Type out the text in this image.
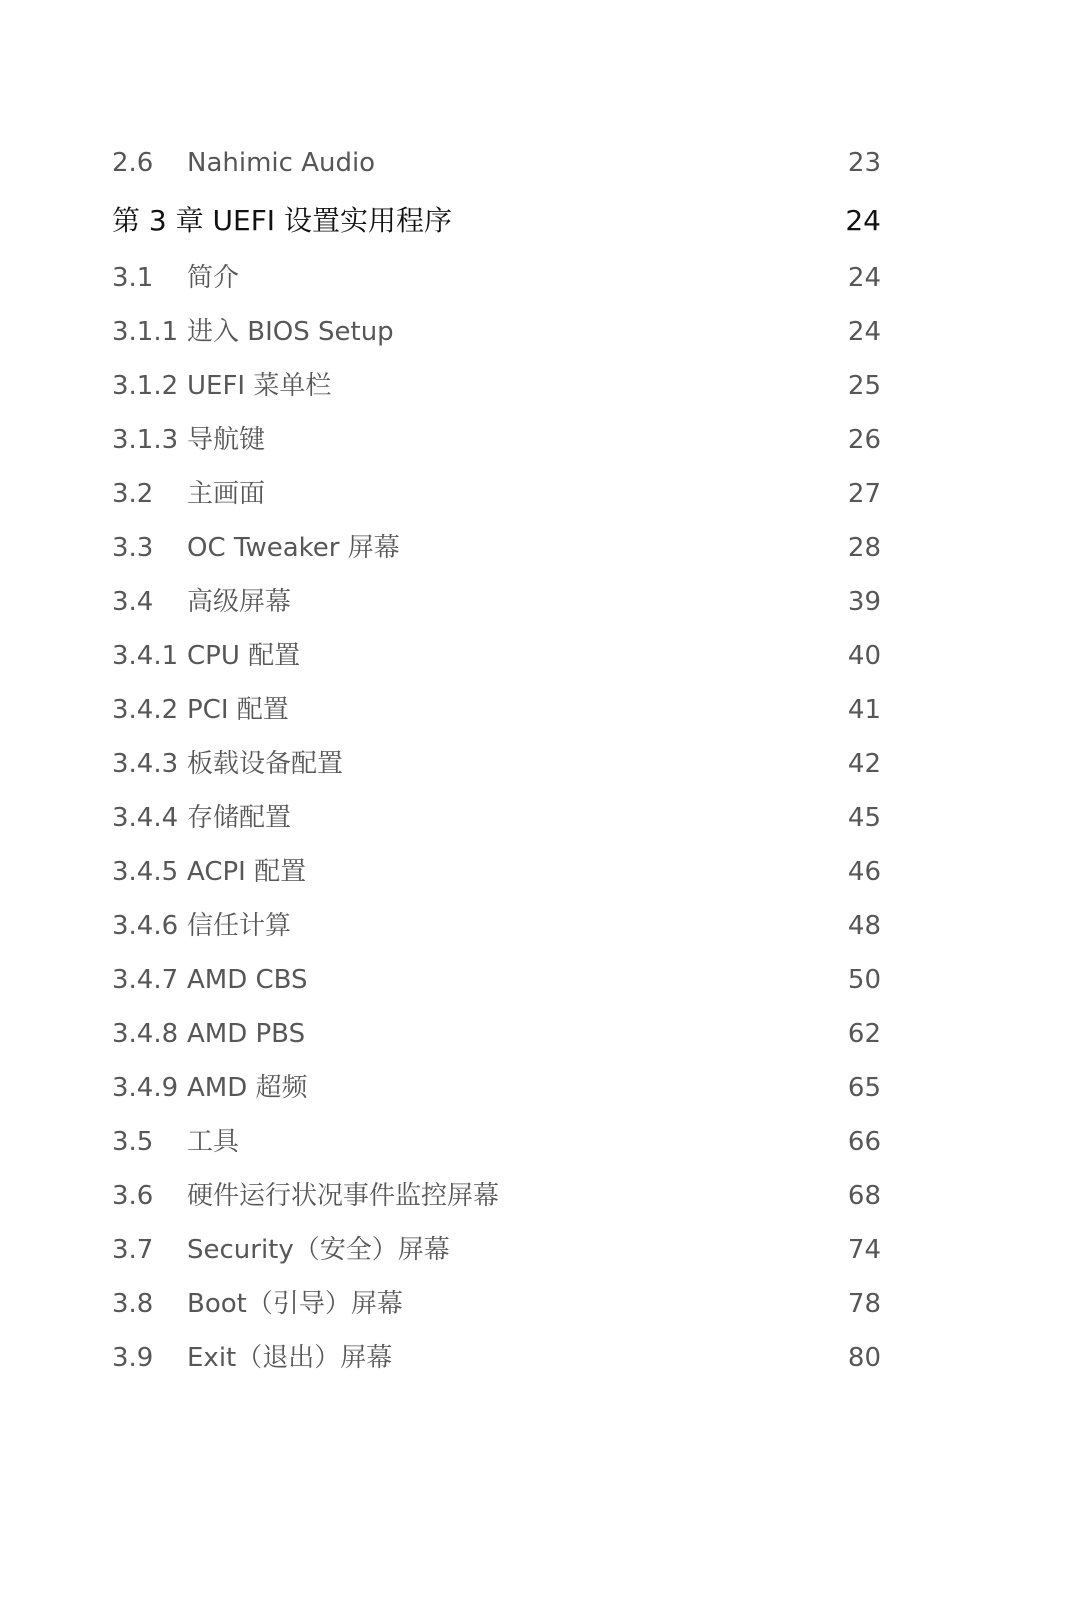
2.6 Nahimic Audio	23
第 3 章 UEFI 设置实用程序	24
3.1 简介	24
3.1.1 进入 BIOS Setup	24
3.1.2 UEFI 菜单栏	25
3.1.3 导航键	26
3.2 主画面	27
3.3 OC Tweaker 屏幕	28
3.4 高级屏幕	39
3.4.1 CPU 配置	40
3.4.2 PCI 配置	41
3.4.3 板载设备配置	42
3.4.4 存储配置	45
3.4.5 ACPI 配置	46
3.4.6 信任计算	48
3.4.7 AMD CBS	50
3.4.8 AMD PBS	62
3.4.9 AMD 超频	65
3.5 工具	66
3.6 硬件运行状况事件监控屏幕	68
3.7 Security（安全）屏幕	74
3.8 Boot（引导）屏幕	78
3.9 Exit（退出）屏幕	80
